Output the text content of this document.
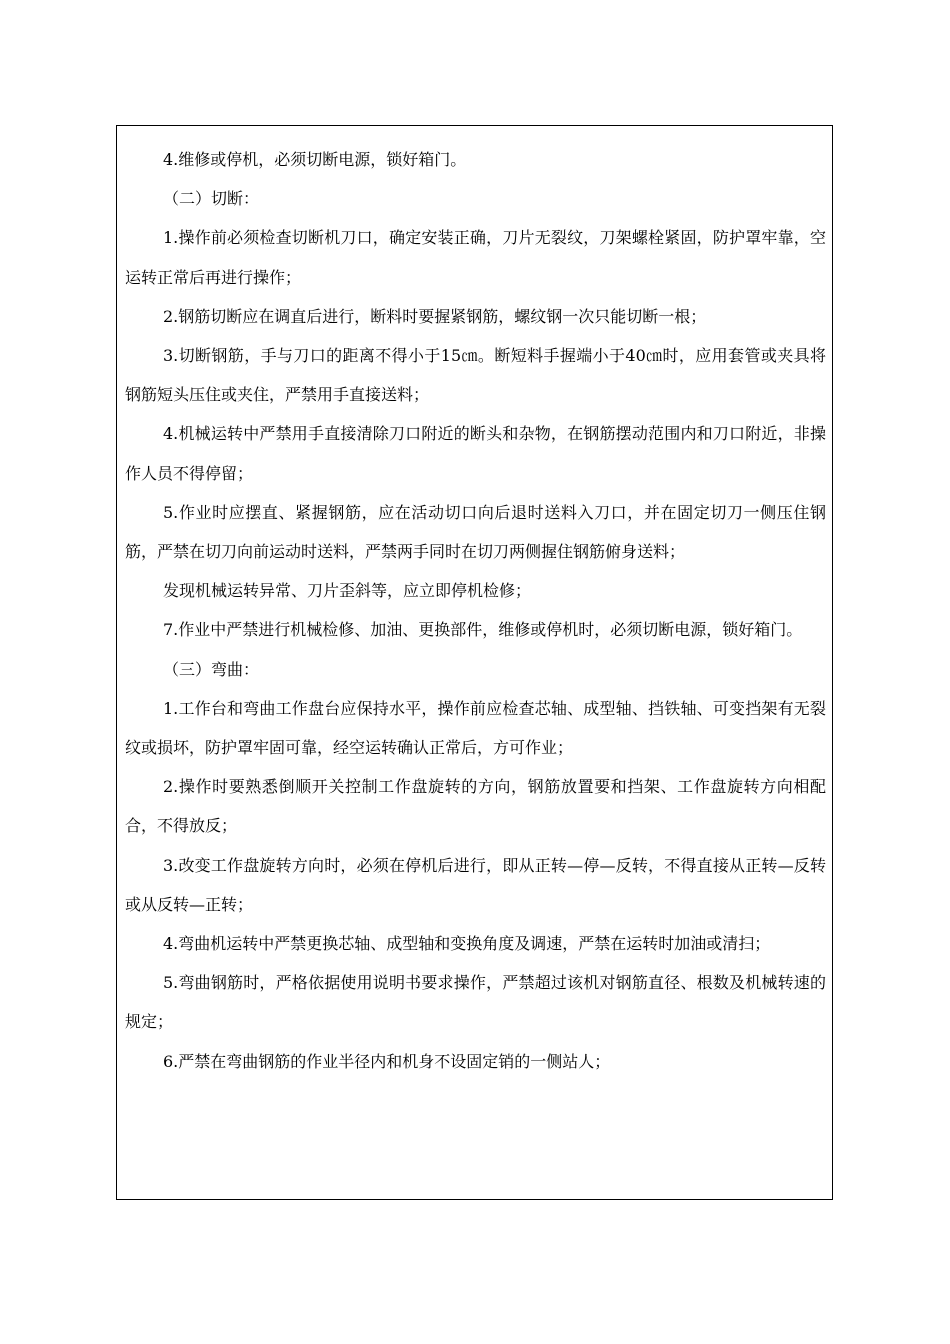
4.维修或停机，必须切断电源，锁好箱门。

（二）切断：

1.操作前必须检查切断机刀口，确定安装正确，刀片无裂纹，刀架螺栓紧固，防护罩牢靠，空运转正常后再进行操作；

2.钢筋切断应在调直后进行，断料时要握紧钢筋，螺纹钢一次只能切断一根；

3.切断钢筋，手与刀口的距离不得小于15㎝。断短料手握端小于40㎝时，应用套管或夹具将钢筋短头压住或夹住，严禁用手直接送料；

4.机械运转中严禁用手直接清除刀口附近的断头和杂物，在钢筋摆动范围内和刀口附近，非操作人员不得停留；

5.作业时应摆直、紧握钢筋，应在活动切口向后退时送料入刀口，并在固定切刀一侧压住钢筋，严禁在切刀向前运动时送料，严禁两手同时在切刀两侧握住钢筋俯身送料；

发现机械运转异常、刀片歪斜等，应立即停机检修；

7.作业中严禁进行机械检修、加油、更换部件，维修或停机时，必须切断电源，锁好箱门。

（三）弯曲：

1.工作台和弯曲工作盘台应保持水平，操作前应检查芯轴、成型轴、挡铁轴、可变挡架有无裂纹或损坏，防护罩牢固可靠，经空运转确认正常后，方可作业；

2.操作时要熟悉倒顺开关控制工作盘旋转的方向，钢筋放置要和挡架、工作盘旋转方向相配合，不得放反；

3.改变工作盘旋转方向时，必须在停机后进行，即从正转—停—反转，不得直接从正转—反转或从反转—正转；

4.弯曲机运转中严禁更换芯轴、成型轴和变换角度及调速，严禁在运转时加油或清扫；

5.弯曲钢筋时，严格依据使用说明书要求操作，严禁超过该机对钢筋直径、根数及机械转速的规定；

6.严禁在弯曲钢筋的作业半径内和机身不设固定销的一侧站人；
